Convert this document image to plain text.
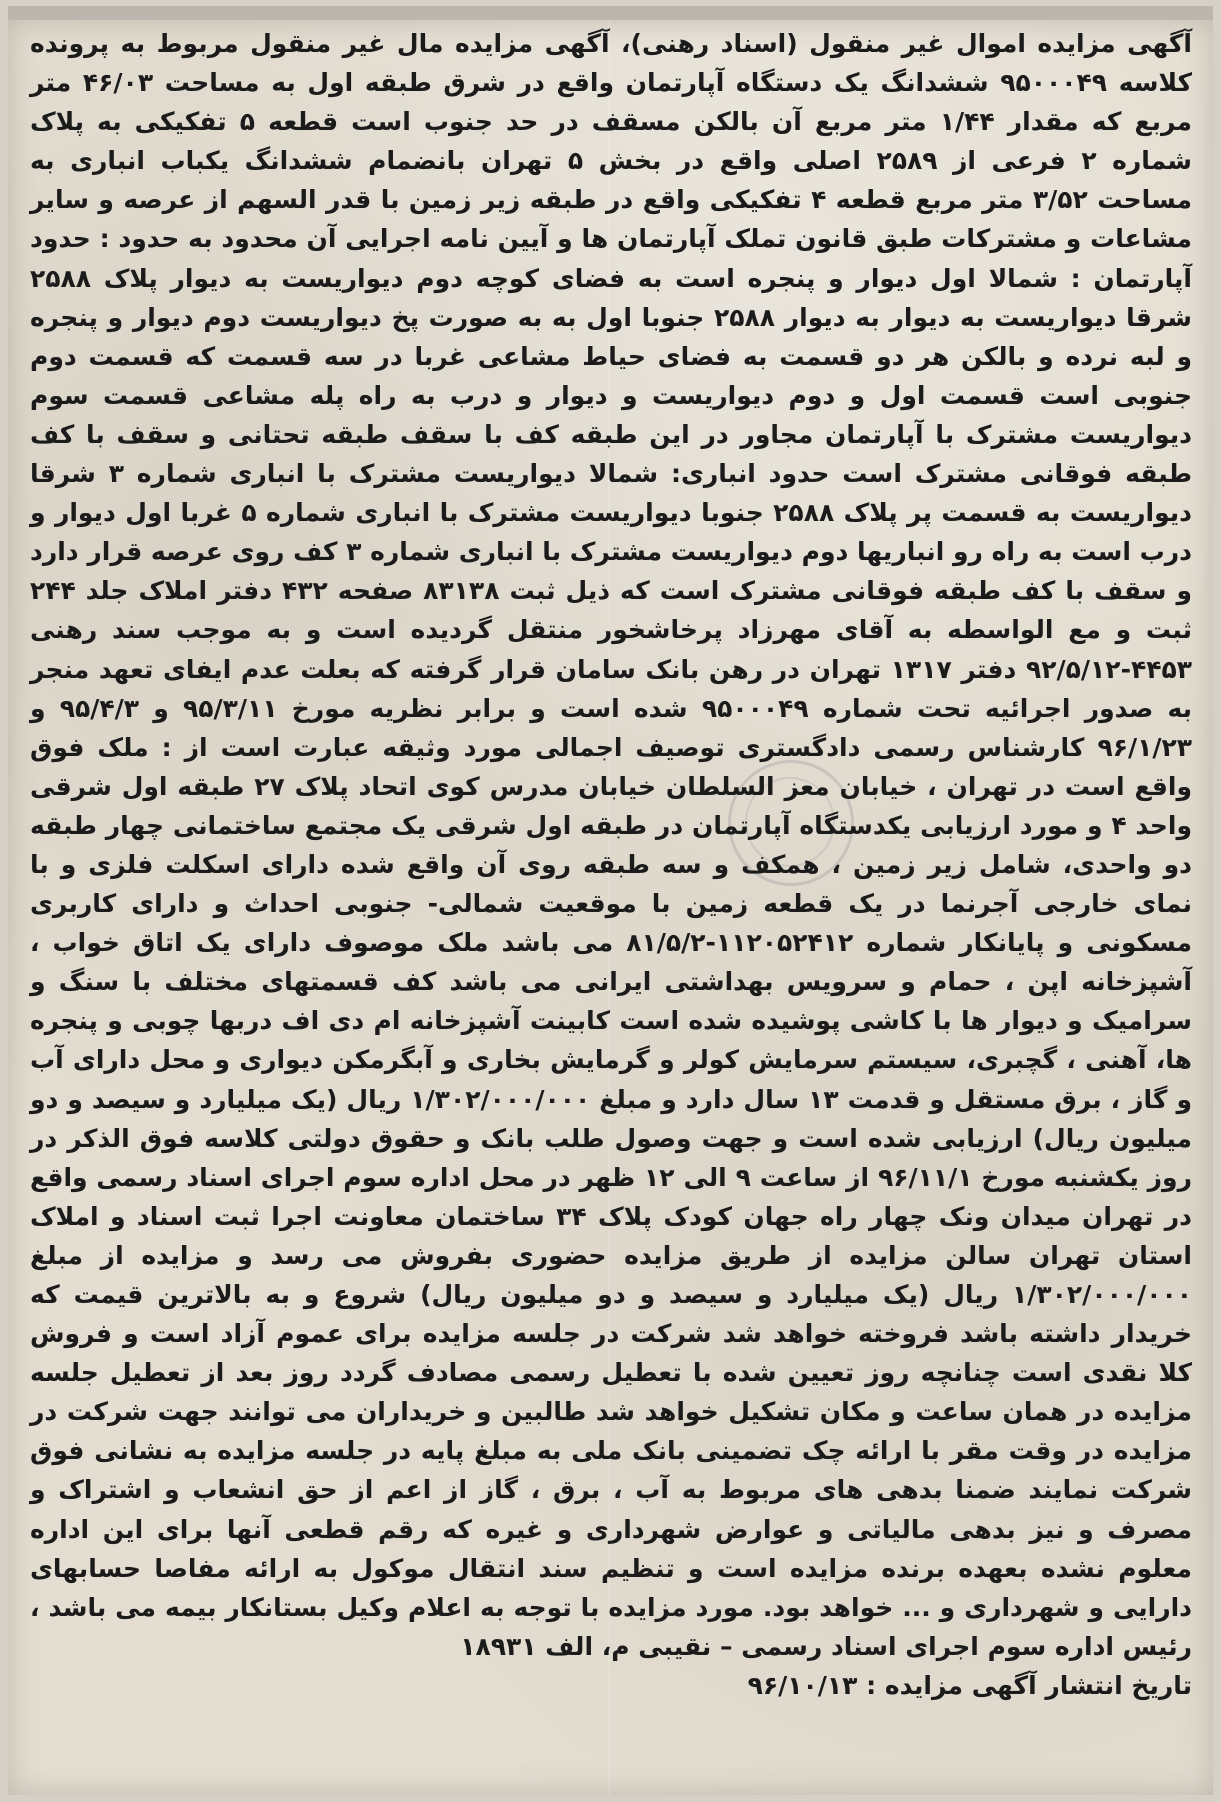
آگهی مزایده اموال غیر منقول (اسناد رهنی)، آگهی مزایده مال غیر منقول مربوط به پرونده کلاسه ۹۵۰۰۰۴۹ ششدانگ یک دستگاه آپارتمان واقع در شرق طبقه اول به مساحت ۴۶/۰۳ متر مربع که مقدار ۱/۴۴ متر مربع آن بالکن مسقف در حد جنوب است قطعه ۵ تفکیکی به پلاک شماره ۲ فرعی از ۲۵۸۹ اصلی واقع در بخش ۵ تهران بانضمام ششدانگ یکباب انباری به مساحت ۳/۵۲ متر مربع قطعه ۴ تفکیکی واقع در طبقه زیر زمین با قدر السهم از عرصه و سایر مشاعات و مشترکات طبق قانون تملک آپارتمان ها و آیین نامه اجرایی آن محدود به حدود : حدود آپارتمان : شمالا اول دیوار و پنجره است به فضای کوچه دوم دیواریست به دیوار پلاک ۲۵۸۸ شرقا دیواریست به دیوار به دیوار ۲۵۸۸ جنوبا اول به به صورت پخ دیواریست دوم دیوار و پنجره و لبه نرده و بالکن هر دو قسمت به فضای حیاط مشاعی غربا در سه قسمت که قسمت دوم جنوبی است قسمت اول و دوم دیواریست و دیوار و درب به راه پله مشاعی قسمت سوم دیواریست مشترک با آپارتمان مجاور در این طبقه کف با سقف طبقه تحتانی و سقف با کف طبقه فوقانی مشترک است حدود انباری: شمالا دیواریست مشترک با انباری شماره ۳ شرقا دیواریست به قسمت پر پلاک ۲۵۸۸ جنوبا دیواریست مشترک با انباری شماره ۵ غربا اول دیوار و درب است به راه رو انباریها دوم دیواریست مشترک با انباری شماره ۳ کف روی عرصه قرار دارد و سقف با کف طبقه فوقانی مشترک است که ذیل ثبت ۸۳۱۳۸ صفحه ۴۳۲ دفتر املاک جلد ۲۴۴ ثبت و مع الواسطه به آقای مهرزاد پرخاشخور منتقل گردیده است و به موجب سند رهنی ۴۴۵۳-۹۲/۵/۱۲ دفتر ۱۳۱۷ تهران در رهن بانک سامان قرار گرفته که بعلت عدم ایفای تعهد منجر به صدور اجرائیه تحت شماره ۹۵۰۰۰۴۹ شده است و برابر نظریه مورخ ۹۵/۳/۱۱ و ۹۵/۴/۳ و ۹۶/۱/۲۳ کارشناس رسمی دادگستری توصیف اجمالی مورد وثیقه عبارت است از : ملک فوق واقع است در تهران ، خیابان معز السلطان خیابان مدرس کوی اتحاد پلاک ۲۷ طبقه اول شرقی واحد ۴ و مورد ارزیابی یکدستگاه آپارتمان در طبقه اول شرقی یک مجتمع ساختمانی چهار طبقه دو واحدی، شامل زیر زمین ، همکف و سه طبقه روی آن واقع شده دارای اسکلت فلزی و با نمای خارجی آجرنما در یک قطعه زمین با موقعیت شمالی- جنوبی احداث و دارای کاربری مسکونی و پایانکار شماره ۱۱۲۰۵۲۴۱۲-۸۱/۵/۲ می باشد ملک موصوف دارای یک اتاق خواب ، آشپزخانه اپن ، حمام و سرویس بهداشتی ایرانی می باشد کف قسمتهای مختلف با سنگ و سرامیک و دیوار ها با کاشی پوشیده شده است کابینت آشپزخانه ام دی اف دربها چوبی و پنجره ها، آهنی ، گچبری، سیستم سرمایش کولر و گرمایش بخاری و آبگرمکن دیواری و محل دارای آب و گاز ، برق مستقل و قدمت ۱۳ سال دارد و مبلغ ۱/۳۰۲/۰۰۰/۰۰۰ ریال (یک میلیارد و سیصد و دو میلیون ریال) ارزیابی شده است و جهت وصول طلب بانک و حقوق دولتی کلاسه فوق الذکر در روز یکشنبه مورخ ۹۶/۱۱/۱ از ساعت ۹ الی ۱۲ ظهر در محل اداره سوم اجرای اسناد رسمی واقع در تهران میدان ونک چهار راه جهان کودک پلاک ۳۴ ساختمان معاونت اجرا ثبت اسناد و املاک استان تهران سالن مزایده از طریق مزایده حضوری بفروش می رسد و مزایده از مبلغ ۱/۳۰۲/۰۰۰/۰۰۰ ریال (یک میلیارد و سیصد و دو میلیون ریال) شروع و به بالاترین قیمت که خریدار داشته باشد فروخته خواهد شد شرکت در جلسه مزایده برای عموم آزاد است و فروش کلا نقدی است چنانچه روز تعیین شده با تعطیل رسمی مصادف گردد روز بعد از تعطیل جلسه مزایده در همان ساعت و مکان تشکیل خواهد شد طالبین و خریداران می توانند جهت شرکت در مزایده در وقت مقر با ارائه چک تضمینی بانک ملی به مبلغ پایه در جلسه مزایده به نشانی فوق شرکت نمایند ضمنا بدهی های مربوط به آب ، برق ، گاز از اعم از حق انشعاب و اشتراک و مصرف و نیز بدهی مالیاتی و عوارض شهرداری و غیره که رقم قطعی آنها برای این اداره معلوم نشده بعهده برنده مزایده است و تنظیم سند انتقال موکول به ارائه مفاصا حسابهای دارایی و شهرداری و ... خواهد بود. مورد مزایده با توجه به اعلام وکیل بستانکار بیمه می باشد ، رئیس اداره سوم اجرای اسناد رسمی – نقیبی م، الف ۱۸۹۳۱
تاریخ انتشار آگهی مزایده : ۹۶/۱۰/۱۳
